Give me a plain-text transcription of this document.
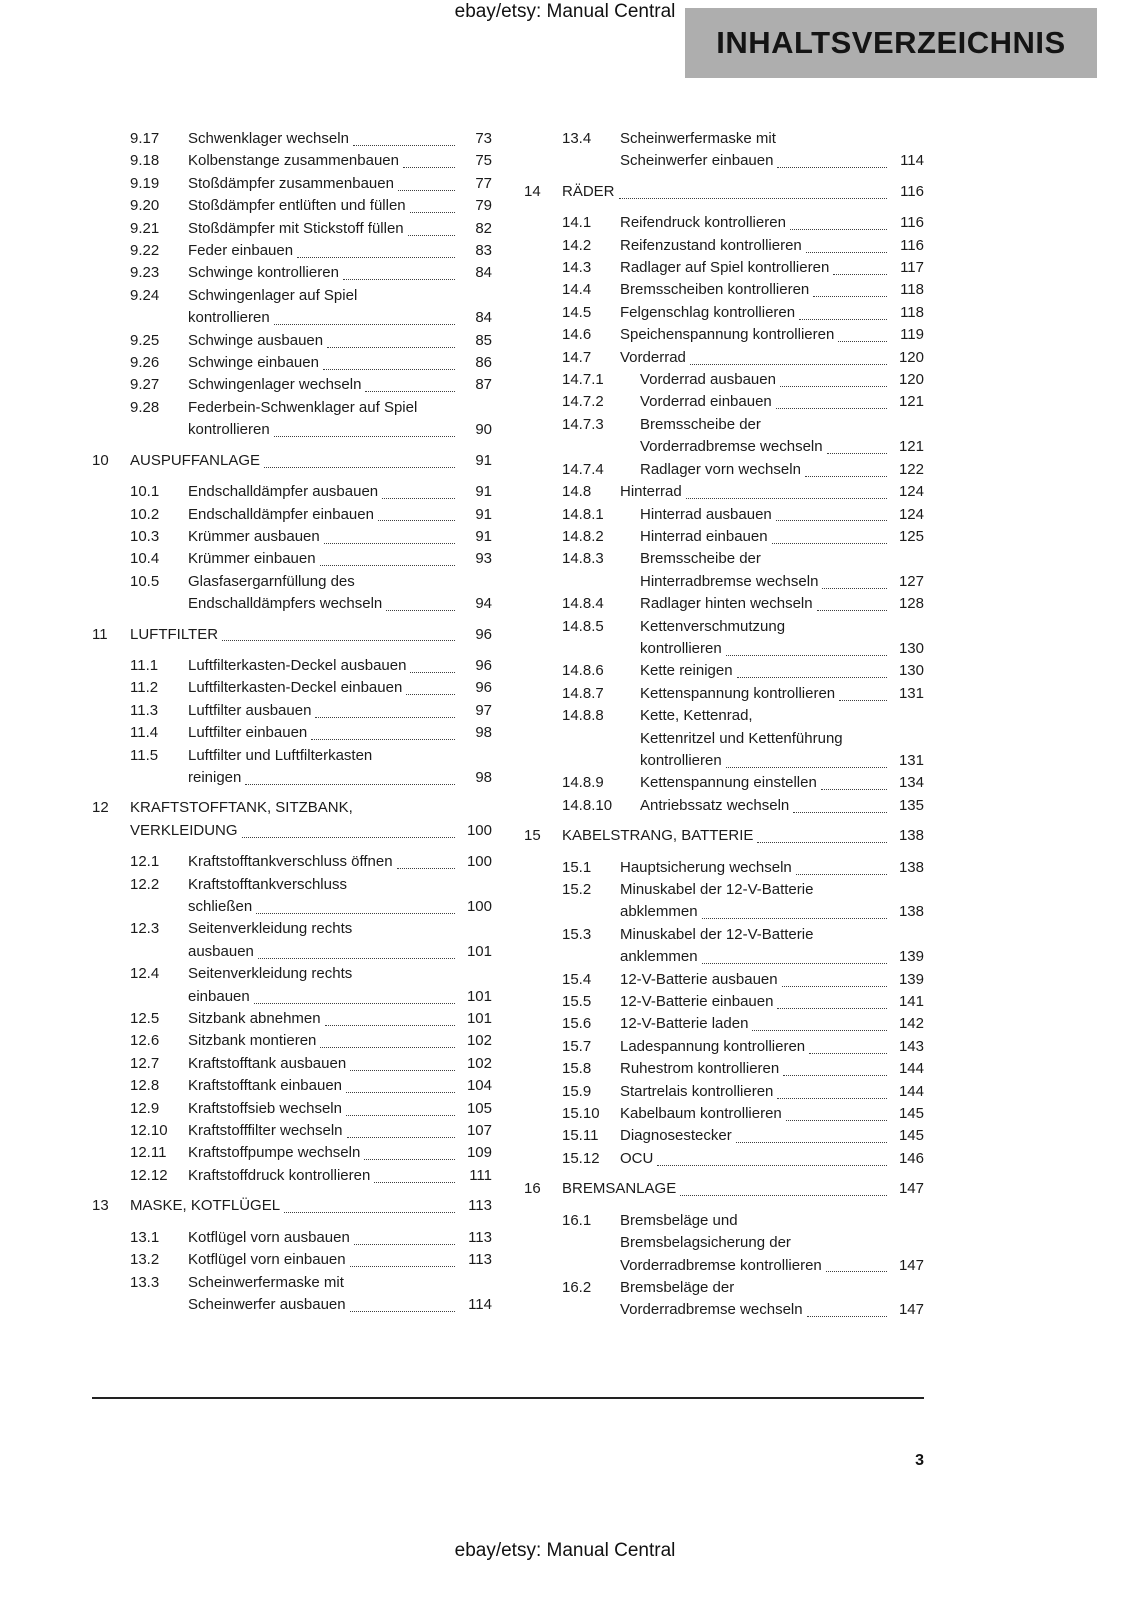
ebay/etsy: Manual Central
INHALTSVERZEICHNIS
9.17	Schwenklager wechseln	73
9.18	Kolbenstange zusammenbauen	75
9.19	Stoßdämpfer zusammenbauen	77
9.20	Stoßdämpfer entlüften und füllen	79
9.21	Stoßdämpfer mit Stickstoff füllen	82
9.22	Feder einbauen	83
9.23	Schwinge kontrollieren	84
9.24	Schwingenlager auf Spiel
kontrollieren	84
9.25	Schwinge ausbauen	85
9.26	Schwinge einbauen	86
9.27	Schwingenlager wechseln	87
9.28	Federbein-Schwenklager auf Spiel
kontrollieren	90
10	AUSPUFFANLAGE	91
10.1	Endschalldämpfer ausbauen	91
10.2	Endschalldämpfer einbauen	91
10.3	Krümmer ausbauen	91
10.4	Krümmer einbauen	93
10.5	Glasfasergarnfüllung des
Endschalldämpfers wechseln	94
11	LUFTFILTER	96
11.1	Luftfilterkasten-Deckel ausbauen	96
11.2	Luftfilterkasten-Deckel einbauen	96
11.3	Luftfilter ausbauen	97
11.4	Luftfilter einbauen	98
11.5	Luftfilter und Luftfilterkasten
reinigen	98
12	KRAFTSTOFFTANK, SITZBANK,
VERKLEIDUNG	100
12.1	Kraftstofftankverschluss öffnen	100
12.2	Kraftstofftankverschluss
schließen	100
12.3	Seitenverkleidung rechts
ausbauen	101
12.4	Seitenverkleidung rechts
einbauen	101
12.5	Sitzbank abnehmen	101
12.6	Sitzbank montieren	102
12.7	Kraftstofftank ausbauen	102
12.8	Kraftstofftank einbauen	104
12.9	Kraftstoffsieb wechseln	105
12.10	Kraftstofffilter wechseln	107
12.11	Kraftstoffpumpe wechseln	109
12.12	Kraftstoffdruck kontrollieren	111
13	MASKE, KOTFLÜGEL	113
13.1	Kotflügel vorn ausbauen	113
13.2	Kotflügel vorn einbauen	113
13.3	Scheinwerfermaske mit
Scheinwerfer ausbauen	114
13.4	Scheinwerfermaske mit
Scheinwerfer einbauen	114
14	RÄDER	116
14.1	Reifendruck kontrollieren	116
14.2	Reifenzustand kontrollieren	116
14.3	Radlager auf Spiel kontrollieren	117
14.4	Bremsscheiben kontrollieren	118
14.5	Felgenschlag kontrollieren	118
14.6	Speichenspannung kontrollieren	119
14.7	Vorderrad	120
14.7.1	Vorderrad ausbauen	120
14.7.2	Vorderrad einbauen	121
14.7.3	Bremsscheibe der
Vorderradbremse wechseln	121
14.7.4	Radlager vorn wechseln	122
14.8	Hinterrad	124
14.8.1	Hinterrad ausbauen	124
14.8.2	Hinterrad einbauen	125
14.8.3	Bremsscheibe der
Hinterradbremse wechseln	127
14.8.4	Radlager hinten wechseln	128
14.8.5	Kettenverschmutzung
kontrollieren	130
14.8.6	Kette reinigen	130
14.8.7	Kettenspannung kontrollieren	131
14.8.8	Kette, Kettenrad,
Kettenritzel und Kettenführung
kontrollieren	131
14.8.9	Kettenspannung einstellen	134
14.8.10	Antriebssatz wechseln	135
15	KABELSTRANG, BATTERIE	138
15.1	Hauptsicherung wechseln	138
15.2	Minuskabel der 12-V-Batterie
abklemmen	138
15.3	Minuskabel der 12-V-Batterie
anklemmen	139
15.4	12-V-Batterie ausbauen	139
15.5	12-V-Batterie einbauen	141
15.6	12-V-Batterie laden	142
15.7	Ladespannung kontrollieren	143
15.8	Ruhestrom kontrollieren	144
15.9	Startrelais kontrollieren	144
15.10	Kabelbaum kontrollieren	145
15.11	Diagnosestecker	145
15.12	OCU	146
16	BREMSANLAGE	147
16.1	Bremsbeläge und
Bremsbelagsicherung der
Vorderradbremse kontrollieren	147
16.2	Bremsbeläge der
Vorderradbremse wechseln	147
3
ebay/etsy: Manual Central
